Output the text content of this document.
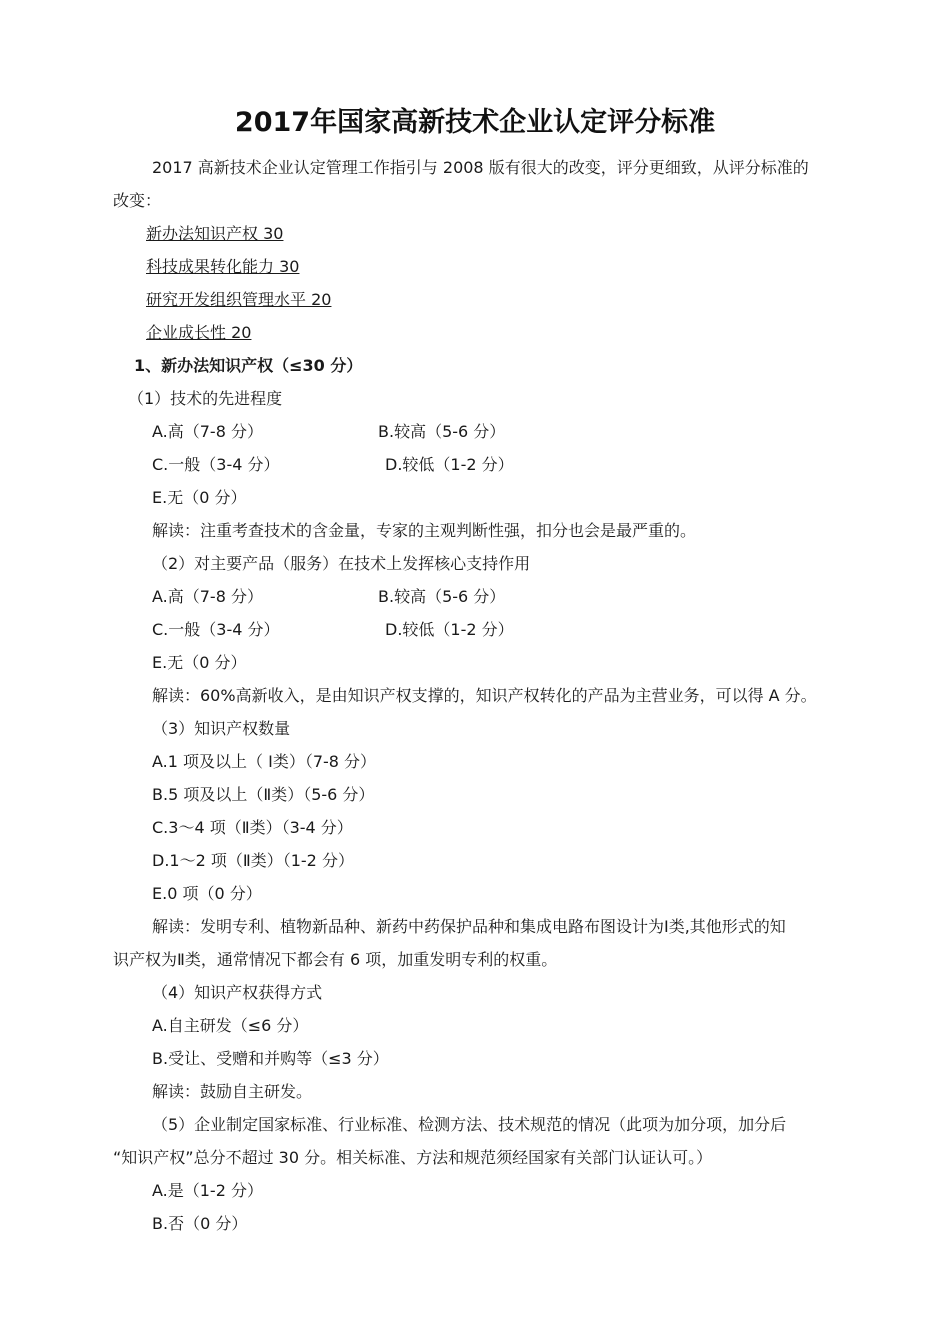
2017年国家高新技术企业认定评分标准
2017 高新技术企业认定管理工作指引与 2008 版有很大的改变，评分更细致，从评分标准的
改变：
新办法知识产权 30
科技成果转化能力 30
研究开发组织管理水平 20
企业成长性 20
1、新办法知识产权（≤30 分）
（1）技术的先进程度
A.高（7-8 分）	B.较高（5-6 分）
C.一般（3-4 分）	D.较低（1-2 分）
E.无（0 分）
解读：注重考查技术的含金量，专家的主观判断性强，扣分也会是最严重的。
（2）对主要产品（服务）在技术上发挥核心支持作用
A.高（7-8 分）	B.较高（5-6 分）
C.一般（3-4 分）	D.较低（1-2 分）
E.无（0 分）
解读：60%高新收入，是由知识产权支撑的，知识产权转化的产品为主营业务，可以得 A 分。
（3）知识产权数量
A.1 项及以上（ Ⅰ类）（7-8 分）
B.5 项及以上（Ⅱ类）（5-6 分）
C.3～4 项（Ⅱ类）（3-4 分）
D.1～2 项（Ⅱ类）（1-2 分）
E.0 项（0 分）
解读：发明专利、植物新品种、新药中药保护品种和集成电路布图设计为Ⅰ类,其他形式的知
识产权为Ⅱ类，通常情况下都会有 6 项，加重发明专利的权重。
（4）知识产权获得方式
A.自主研发（≤6 分）
B.受让、受赠和并购等（≤3 分）
解读：鼓励自主研发。
（5）企业制定国家标准、行业标准、检测方法、技术规范的情况（此项为加分项，加分后
“知识产权”总分不超过 30 分。相关标准、方法和规范须经国家有关部门认证认可。）
A.是（1-2 分）
B.否（0 分）
